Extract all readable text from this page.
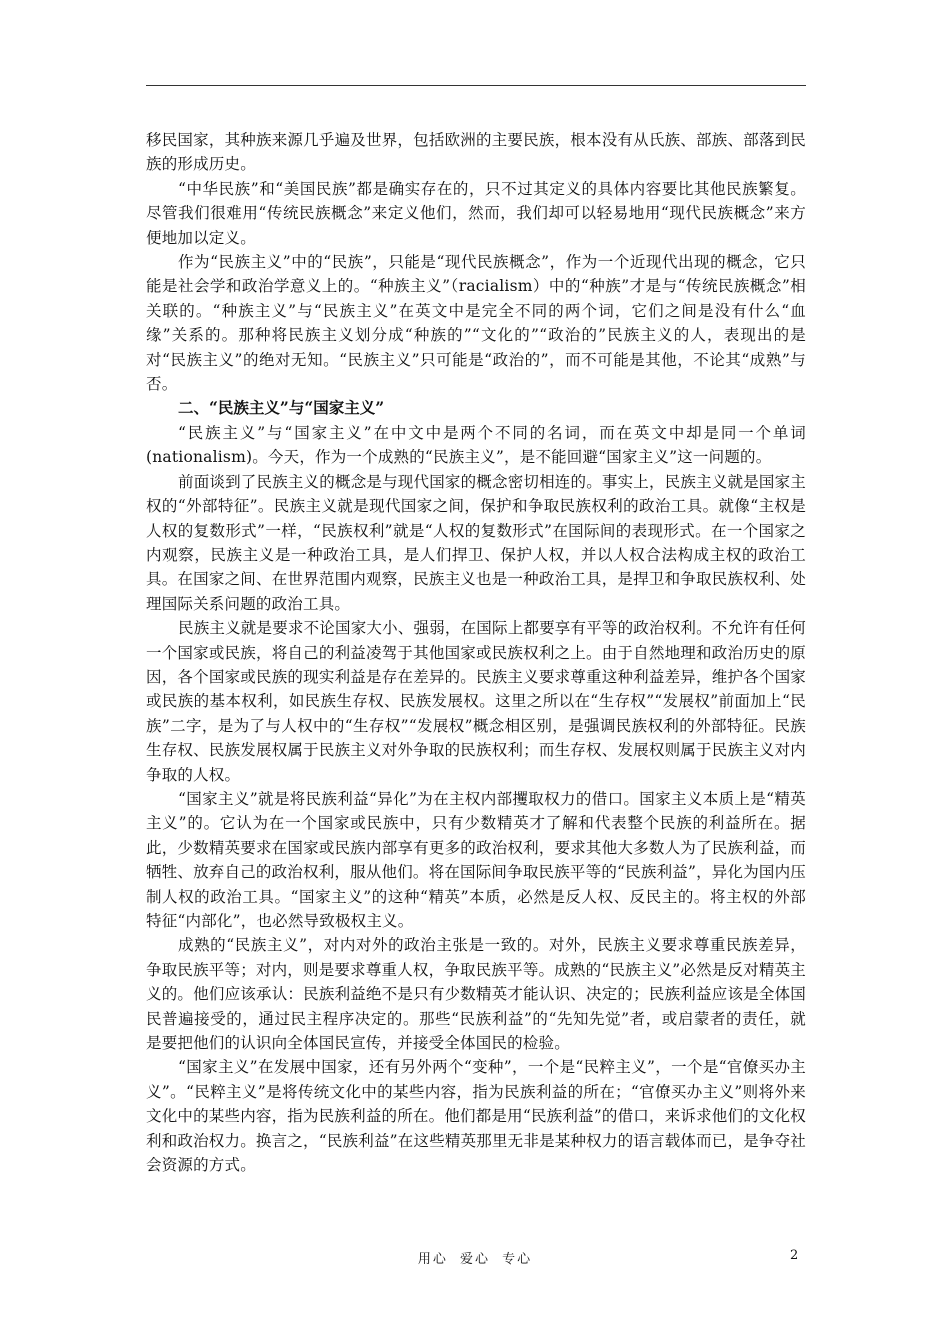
移民国家，其种族来源几乎遍及世界，包括欧洲的主要民族，根本没有从氏族、部族、部落到民族的形成历史。

“中华民族”和“美国民族”都是确实存在的，只不过其定义的具体内容要比其他民族繁复。尽管我们很难用“传统民族概念”来定义他们，然而，我们却可以轻易地用“现代民族概念”来方便地加以定义。

作为“民族主义”中的“民族”，只能是“现代民族概念”，作为一个近现代出现的概念，它只能是社会学和政治学意义上的。“种族主义”（racialism）中的“种族”才是与“传统民族概念”相关联的。“种族主义”与“民族主义”在英文中是完全不同的两个词，它们之间是没有什么“血缘”关系的。那种将民族主义划分成“种族的”“文化的”“政治的”民族主义的人，表现出的是对“民族主义”的绝对无知。“民族主义”只可能是“政治的”，而不可能是其他，不论其“成熟”与否。

二、“民族主义”与“国家主义”

“民族主义”与“国家主义”在中文中是两个不同的名词，而在英文中却是同一个单词(nationalism)。今天，作为一个成熟的“民族主义”，是不能回避“国家主义”这一问题的。

前面谈到了民族主义的概念是与现代国家的概念密切相连的。事实上，民族主义就是国家主权的“外部特征”。民族主义就是现代国家之间，保护和争取民族权利的政治工具。就像“主权是人权的复数形式”一样，“民族权利”就是“人权的复数形式”在国际间的表现形式。在一个国家之内观察，民族主义是一种政治工具，是人们捍卫、保护人权，并以人权合法构成主权的政治工具。在国家之间、在世界范围内观察，民族主义也是一种政治工具，是捍卫和争取民族权利、处理国际关系问题的政治工具。

民族主义就是要求不论国家大小、强弱，在国际上都要享有平等的政治权利。不允许有任何一个国家或民族，将自己的利益凌驾于其他国家或民族权利之上。由于自然地理和政治历史的原因，各个国家或民族的现实利益是存在差异的。民族主义要求尊重这种利益差异，维护各个国家或民族的基本权利，如民族生存权、民族发展权。这里之所以在“生存权”“发展权”前面加上“民族”二字，是为了与人权中的“生存权”“发展权”概念相区别，是强调民族权利的外部特征。民族生存权、民族发展权属于民族主义对外争取的民族权利；而生存权、发展权则属于民族主义对内争取的人权。

“国家主义”就是将民族利益“异化”为在主权内部攫取权力的借口。国家主义本质上是“精英主义”的。它认为在一个国家或民族中，只有少数精英才了解和代表整个民族的利益所在。据此，少数精英要求在国家或民族内部享有更多的政治权利，要求其他大多数人为了民族利益，而牺牲、放弃自己的政治权利，服从他们。将在国际间争取民族平等的“民族利益”，异化为国内压制人权的政治工具。“国家主义”的这种“精英”本质，必然是反人权、反民主的。将主权的外部特征“内部化”，也必然导致极权主义。

成熟的“民族主义”，对内对外的政治主张是一致的。对外，民族主义要求尊重民族差异，争取民族平等；对内，则是要求尊重人权，争取民族平等。成熟的“民族主义”必然是反对精英主义的。他们应该承认：民族利益绝不是只有少数精英才能认识、决定的；民族利益应该是全体国民普遍接受的，通过民主程序决定的。那些“民族利益”的“先知先觉”者，或启蒙者的责任，就是要把他们的认识向全体国民宣传，并接受全体国民的检验。

“国家主义”在发展中国家，还有另外两个“变种”，一个是“民粹主义”，一个是“官僚买办主义”。“民粹主义”是将传统文化中的某些内容，指为民族利益的所在；“官僚买办主义”则将外来文化中的某些内容，指为民族利益的所在。他们都是用“民族利益”的借口，来诉求他们的文化权利和政治权力。换言之，“民族利益”在这些精英那里无非是某种权力的语言载体而已，是争夺社会资源的方式。

用心 爱心 专心	2
